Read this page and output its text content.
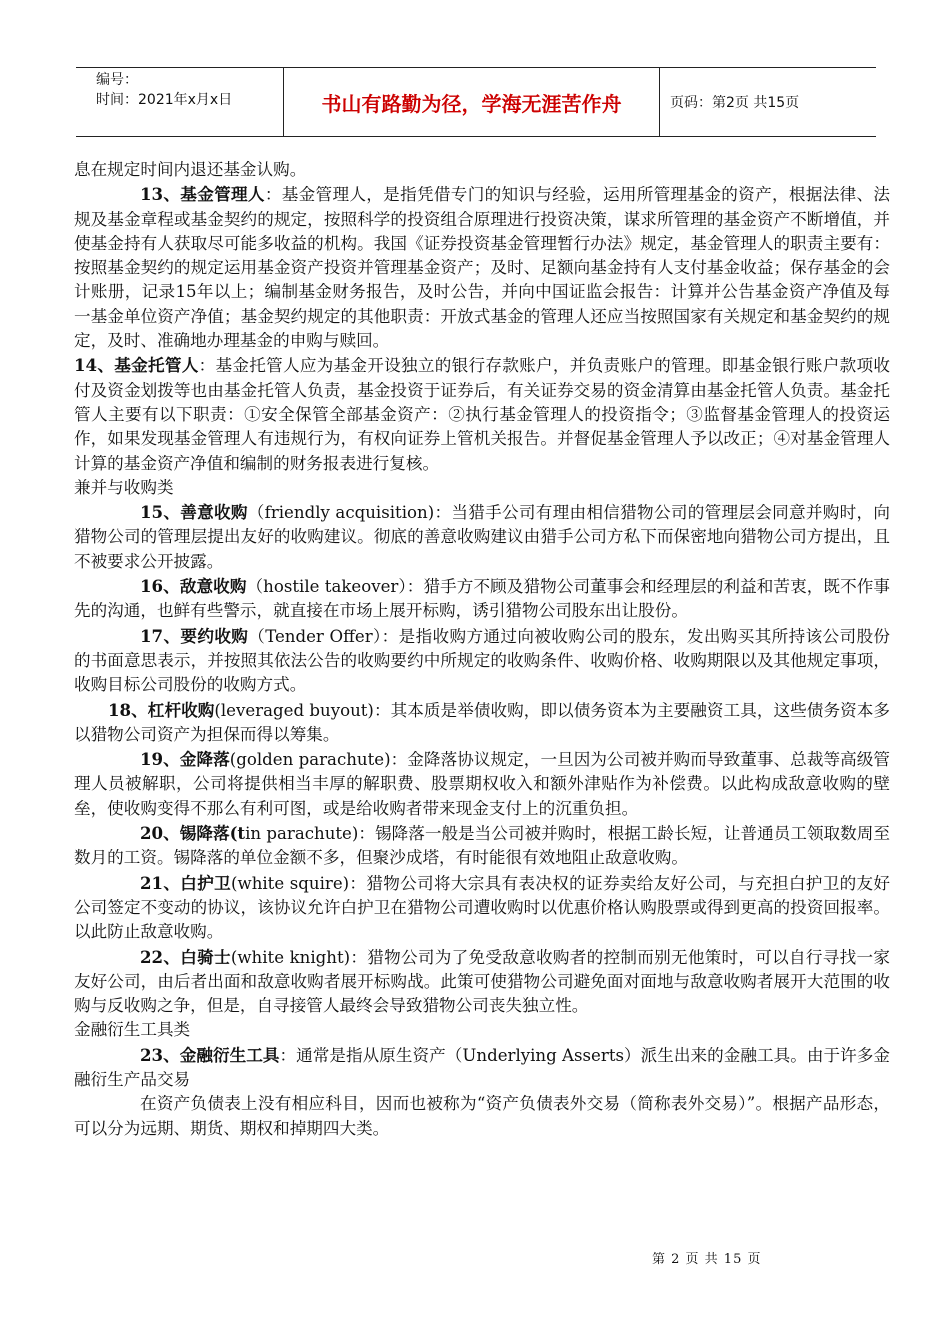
编号：
时间：2021年x月x日	书山有路勤为径，学海无涯苦作舟	页码：第2页 共15页

息在规定时间内退还基金认购。

13、基金管理人：基金管理人，是指凭借专门的知识与经验，运用所管理基金的资产，根据法律、法规及基金章程或基金契约的规定，按照科学的投资组合原理进行投资决策，谋求所管理的基金资产不断增值，并使基金持有人获取尽可能多收益的机构。我国《证券投资基金管理暂行办法》规定，基金管理人的职责主要有：按照基金契约的规定运用基金资产投资并管理基金资产；及时、足额向基金持有人支付基金收益；保存基金的会计账册，记录15年以上；编制基金财务报告，及时公告，并向中国证监会报告：计算并公告基金资产净值及每一基金单位资产净值；基金契约规定的其他职责：开放式基金的管理人还应当按照国家有关规定和基金契约的规定，及时、准确地办理基金的申购与赎回。

14、基金托管人：基金托管人应为基金开设独立的银行存款账户，并负责账户的管理。即基金银行账户款项收付及资金划拨等也由基金托管人负责，基金投资于证券后，有关证券交易的资金清算由基金托管人负责。基金托管人主要有以下职责：①安全保管全部基金资产：②执行基金管理人的投资指令；③监督基金管理人的投资运作，如果发现基金管理人有违规行为，有权向证券上管机关报告。并督促基金管理人予以改正；④对基金管理人计算的基金资产净值和编制的财务报表进行复核。

兼并与收购类

15、善意收购（friendly acquisition)：当猎手公司有理由相信猎物公司的管理层会同意并购时，向猎物公司的管理层提出友好的收购建议。彻底的善意收购建议由猎手公司方私下而保密地向猎物公司方提出，且不被要求公开披露。

16、敌意收购（hostile takeover）：猎手方不顾及猎物公司董事会和经理层的利益和苦衷，既不作事先的沟通，也鲜有些警示，就直接在市场上展开标购，诱引猎物公司股东出让股份。

17、要约收购（Tender Offer）：是指收购方通过向被收购公司的股东，发出购买其所持该公司股份的书面意思表示，并按照其依法公告的收购要约中所规定的收购条件、收购价格、收购期限以及其他规定事项，收购目标公司股份的收购方式。

18、杠杆收购(leveraged buyout)：其本质是举债收购，即以债务资本为主要融资工具，这些债务资本多以猎物公司资产为担保而得以筹集。

19、金降落(golden parachute)：金降落协议规定，一旦因为公司被并购而导致董事、总裁等高级管理人员被解职，公司将提供相当丰厚的解职费、股票期权收入和额外津贴作为补偿费。以此构成敌意收购的壁垒，使收购变得不那么有利可图，或是给收购者带来现金支付上的沉重负担。

20、锡降落(tin parachute)：锡降落一般是当公司被并购时，根据工龄长短，让普通员工领取数周至数月的工资。锡降落的单位金额不多，但聚沙成塔，有时能很有效地阻止敌意收购。

21、白护卫(white squire)：猎物公司将大宗具有表决权的证券卖给友好公司，与充担白护卫的友好公司签定不变动的协议，该协议允许白护卫在猎物公司遭收购时以优惠价格认购股票或得到更高的投资回报率。以此防止敌意收购。

22、白骑士(white knight)：猎物公司为了免受敌意收购者的控制而别无他策时，可以自行寻找一家友好公司，由后者出面和敌意收购者展开标购战。此策可使猎物公司避免面对面地与敌意收购者展开大范围的收购与反收购之争，但是，自寻接管人最终会导致猎物公司丧失独立性。

金融衍生工具类

23、金融衍生工具：通常是指从原生资产（Underlying Asserts）派生出来的金融工具。由于许多金融衍生产品交易

在资产负债表上没有相应科目，因而也被称为“资产负债表外交易（简称表外交易）”。根据产品形态，可以分为远期、期货、期权和掉期四大类。

第 2 页 共 15 页
